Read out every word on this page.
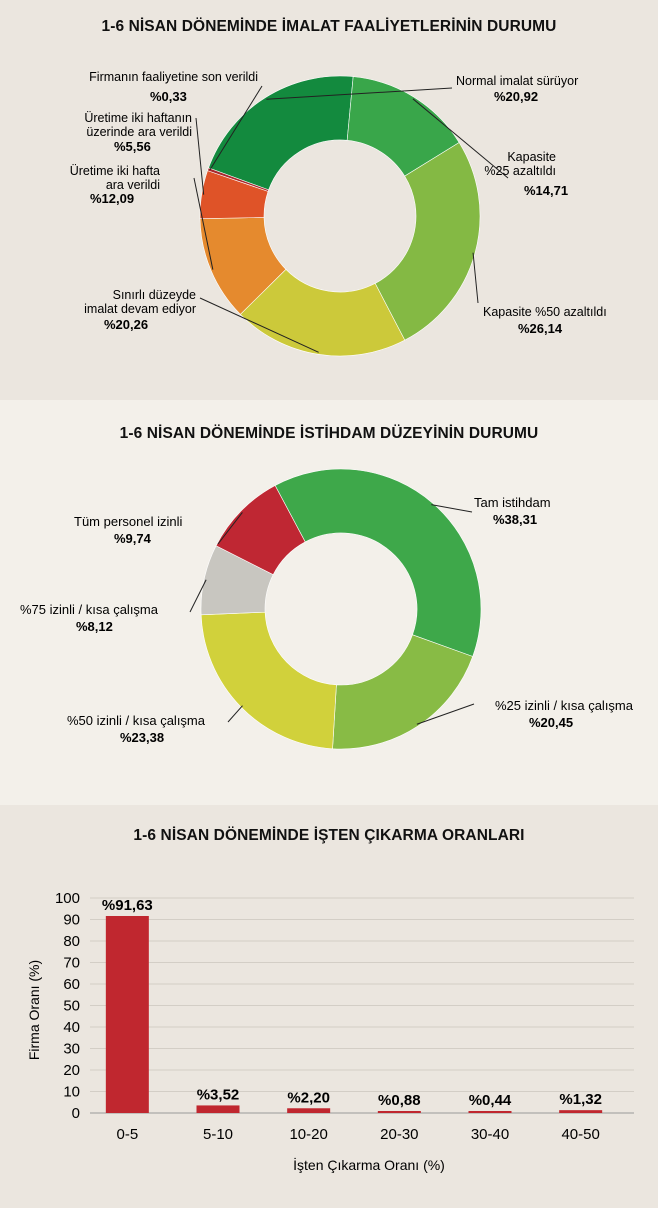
1-6 NİSAN DÖNEMİNDE İMALAT FAALİYETLERİNİN DURUMU
Normal imalat sürüyor
%20,92
Kapasite %25 azaltıldı
%14,71
Kapasite %50 azaltıldı
%26,14
Sınırlı düzeyde imalat devam ediyor
%20,26
Üretime iki hafta ara verildi
%12,09
Üretime iki haftanın üzerinde ara verildi
%5,56
Firmanın faaliyetine son verildi
%0,33
1-6 NİSAN DÖNEMİNDE İSTİHDAM DÜZEYİNİN DURUMU
Tam istihdam
%38,31
%25 izinli / kısa çalışma
%20,45
%50 izinli / kısa çalışma
%23,38
%75 izinli / kısa çalışma
%8,12
Tüm personel izinli
%9,74
1-6 NİSAN DÖNEMİNDE İŞTEN ÇIKARMA ORANLARI
0
10
20
30
40
50
60
70
80
90
100 %91,63
%3,52	%2,20	%0,88	%0,44	%1,32
0-5	5-10	10-20	20-30	30-40	40-50
Firma Oranı (%)
İşten Çıkarma Oranı (%)
